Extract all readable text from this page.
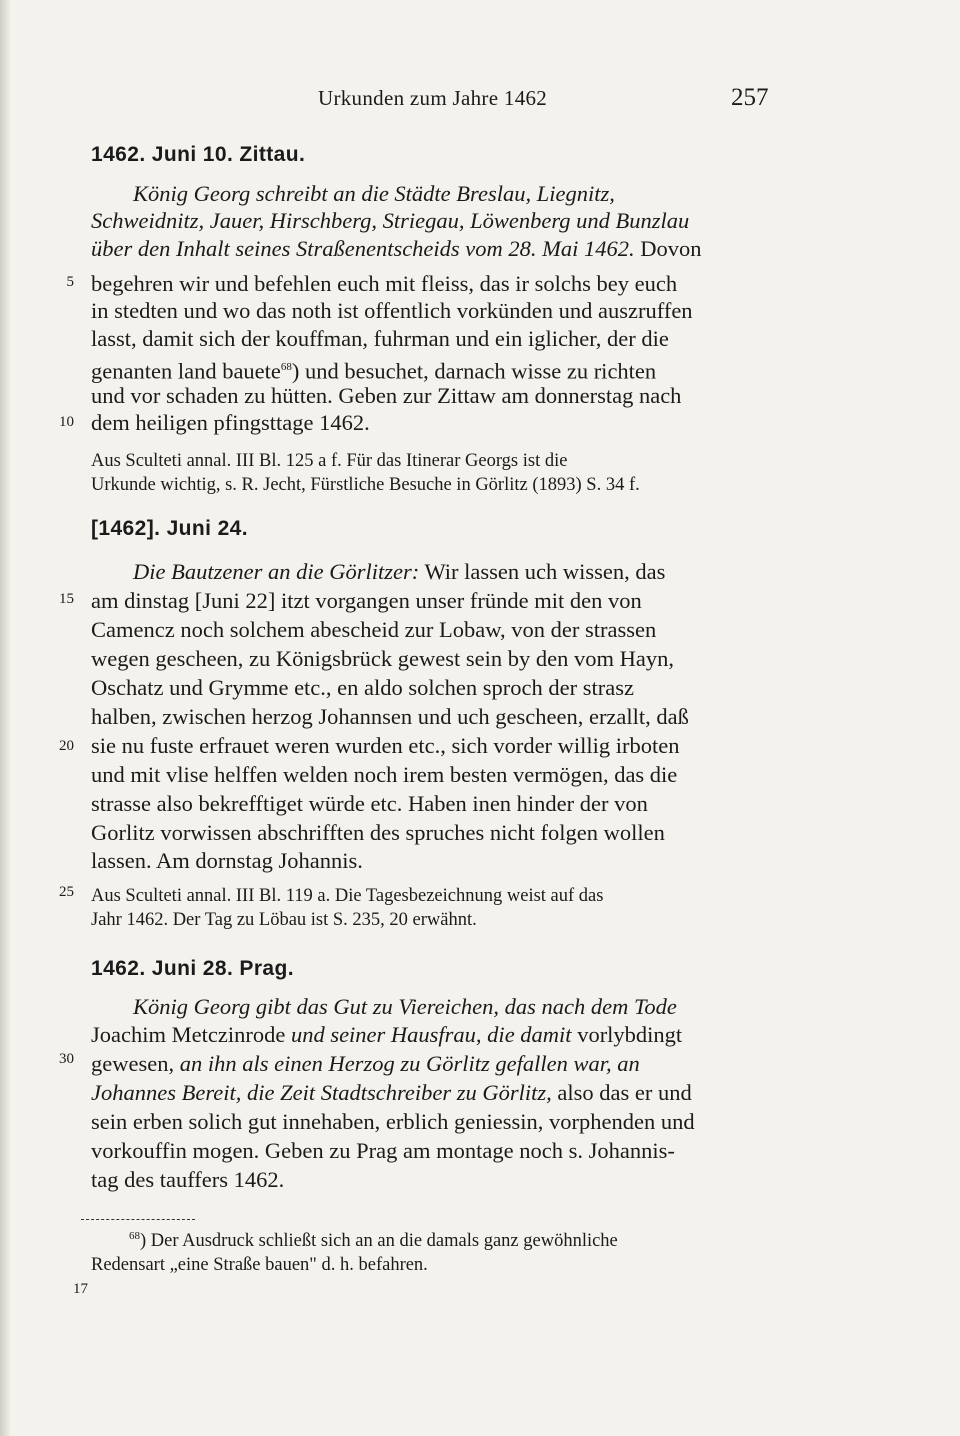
Urkunden zum Jahre 1462	257
5
10
15
20
25
30
1462. Juni 10. Zittau.
König Georg schreibt an die Städte Breslau, Liegnitz,
Schweidnitz, Jauer, Hirschberg, Striegau, Löwenberg und Bunzlau
über den Inhalt seines Straßenentscheids vom 28. Mai 1462. Dovon
begehren wir und befehlen euch mit fleiss, das ir solchs bey euch
in stedten und wo das noth ist offentlich vorkünden und auszruffen
lasst, damit sich der kouffman, fuhrman und ein iglicher, der die
genanten land bauete$^{68}$) und besuchet, darnach wisse zu richten
und vor schaden zu hütten. Geben zur Zittaw am donnerstag nach
dem heiligen pfingsttage 1462.
Aus Sculteti annal. III Bl. 125 a f. Für das Itinerar Georgs ist die
Urkunde wichtig, s. R. Jecht, Fürstliche Besuche in Görlitz (1893) S. 34 f.
[1462]. Juni 24.
Die Bautzener an die Görlitzer: Wir lassen uch wissen, das
am dinstag [Juni 22] itzt vorgangen unser fründe mit den von
Camencz noch solchem abescheid zur Lobaw, von der strassen
wegen gescheen, zu Königsbrück gewest sein by den vom Hayn,
Oschatz und Grymme etc., en aldo solchen sproch der strasz
halben, zwischen herzog Johannsen und uch gescheen, erzallt, daß
sie nu fuste erfrauet weren wurden etc., sich vorder willig irboten
und mit vlise helffen welden noch irem besten vermögen, das die
strasse also bekrefftiget würde etc. Haben inen hinder der von
Gorlitz vorwissen abschrifften des spruches nicht folgen wollen
lassen. Am dornstag Johannis.
Aus Sculteti annal. III Bl. 119 a. Die Tagesbezeichnung weist auf das
Jahr 1462. Der Tag zu Löbau ist S. 235, 20 erwähnt.
1462. Juni 28. Prag.
König Georg gibt das Gut zu Viereichen, das nach dem Tode
Joachim Metczinrode und seiner Hausfrau, die damit vorlybdingt
gewesen, an ihn als einen Herzog zu Görlitz gefallen war, an
Johannes Bereit, die Zeit Stadtschreiber zu Görlitz, also das er und
sein erben solich gut innehaben, erblich geniessin, vorphenden und
vorkouffin mogen. Geben zu Prag am montage noch s. Johannis-
tag des tauffers 1462.
$^{68}$) Der Ausdruck schließt sich an an die damals ganz gewöhnliche
Redensart „eine Straße bauen" d. h. befahren.
17
